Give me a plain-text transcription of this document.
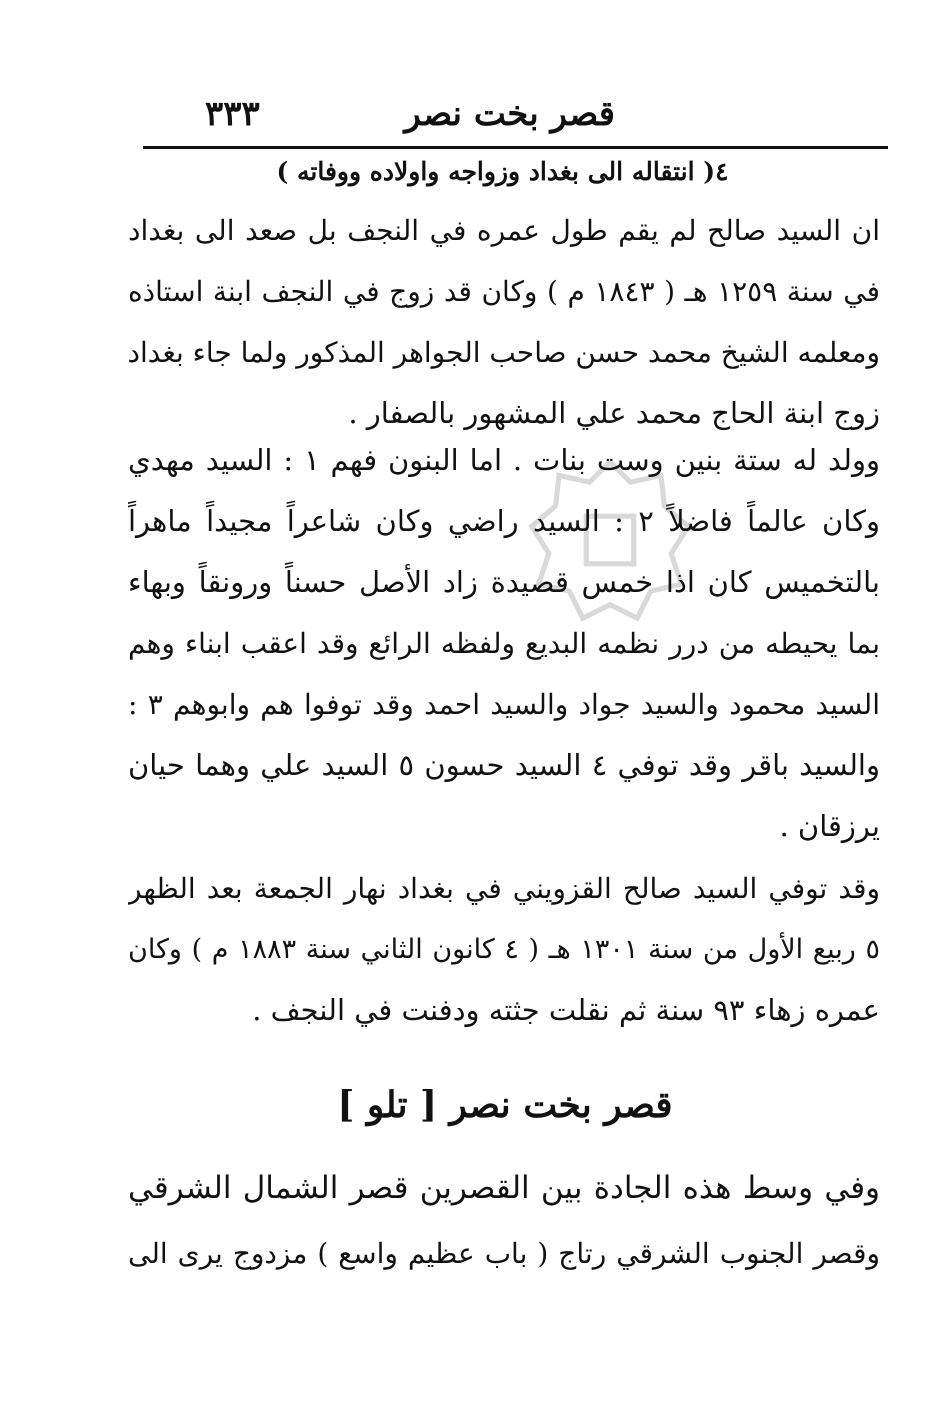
قصر بخت نصر
٣٣٣
٤( انتقاله الى بغداد وزواجه واولاده ووفاته )
ان السيد صالح لم يقم طول عمره في النجف بل صعد الى بغداد
في سنة ١٢٥٩ هـ ( ١٨٤٣ م ) وكان قد زوج في النجف ابنة استاذه
ومعلمه الشيخ محمد حسن صاحب الجواهر المذكور ولما جاء بغداد
زوج ابنة الحاج محمد علي المشهور بالصفار .
وولد له ستة بنين وست بنات . اما البنون فهم ١ : السيد مهدي
وكان عالماً فاضلاً ٢ : السيد راضي وكان شاعراً مجيداً ماهراً
بالتخميس كان اذا خمس قصيدة زاد الأصل حسناً ورونقاً وبهاء
بما يحيطه من درر نظمه البديع ولفظه الرائع وقد اعقب ابناء وهم
السيد محمود والسيد جواد والسيد احمد وقد توفوا هم وابوهم ٣ :
والسيد باقر وقد توفي ٤ السيد حسون ٥ السيد علي وهما حيان
يرزقان .
وقد توفي السيد صالح القزويني في بغداد نهار الجمعة بعد الظهر
٥ ربيع الأول من سنة ١٣٠١ هـ ( ٤ كانون الثاني سنة ١٨٨٣ م ) وكان
عمره زهاء ٩٣ سنة ثم نقلت جثته ودفنت في النجف .
قصر بخت نصر [ تلو ]
وفي وسط هذه الجادة بين القصرين قصر الشمال الشرقي
وقصر الجنوب الشرقي رتاج ( باب عظيم واسع ) مزدوج يرى الى
